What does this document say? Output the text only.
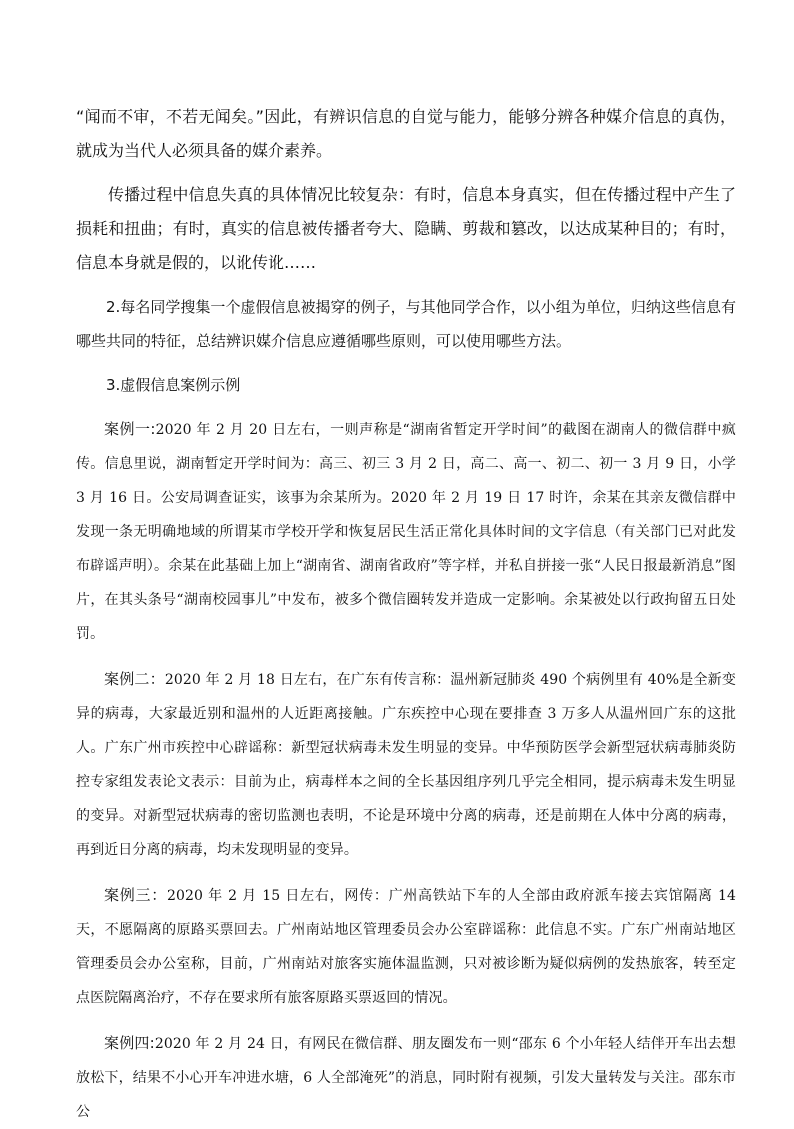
“闻而不审，不若无闻矣。”因此，有辨识信息的自觉与能力，能够分辨各种媒介信息的真伪，就成为当代人必须具备的媒介素养。

传播过程中信息失真的具体情况比较复杂：有时，信息本身真实，但在传播过程中产生了损耗和扭曲；有时，真实的信息被传播者夸大、隐瞒、剪裁和篡改，以达成某种目的；有时，信息本身就是假的，以讹传讹……

2.每名同学搜集一个虚假信息被揭穿的例子，与其他同学合作，以小组为单位，归纳这些信息有哪些共同的特征，总结辨识媒介信息应遵循哪些原则，可以使用哪些方法。

3.虚假信息案例示例

案例一:2020 年 2 月 20 日左右，一则声称是“湖南省暂定开学时间”的截图在湖南人的微信群中疯传。信息里说，湖南暂定开学时间为：高三、初三 3 月 2 日，高二、高一、初二、初一 3 月 9 日，小学 3 月 16 日。公安局调查证实，该事为余某所为。2020 年 2 月 19 日 17 时许，余某在其亲友微信群中发现一条无明确地域的所谓某市学校开学和恢复居民生活正常化具体时间的文字信息（有关部门已对此发布辟谣声明）。余某在此基础上加上“湖南省、湖南省政府”等字样，并私自拼接一张“人民日报最新消息”图片，在其头条号“湖南校园事儿”中发布，被多个微信圈转发并造成一定影响。余某被处以行政拘留五日处罚。

案例二：2020 年 2 月 18 日左右，在广东有传言称：温州新冠肺炎 490 个病例里有 40%是全新变异的病毒，大家最近别和温州的人近距离接触。广东疾控中心现在要排查 3 万多人从温州回广东的这批人。广东广州市疾控中心辟谣称：新型冠状病毒未发生明显的变异。中华预防医学会新型冠状病毒肺炎防控专家组发表论文表示：目前为止，病毒样本之间的全长基因组序列几乎完全相同，提示病毒未发生明显的变异。对新型冠状病毒的密切监测也表明，不论是环境中分离的病毒，还是前期在人体中分离的病毒，再到近日分离的病毒，均未发现明显的变异。

案例三：2020 年 2 月 15 日左右，网传：广州高铁站下车的人全部由政府派车接去宾馆隔离 14 天，不愿隔离的原路买票回去。广州南站地区管理委员会办公室辟谣称：此信息不实。广东广州南站地区管理委员会办公室称，目前，广州南站对旅客实施体温监测，只对被诊断为疑似病例的发热旅客，转至定点医院隔离治疗，不存在要求所有旅客原路买票返回的情况。

案例四:2020 年 2 月 24 日，有网民在微信群、朋友圈发布一则“邵东 6 个小年轻人结伴开车出去想放松下，结果不小心开车冲进水塘，6 人全部淹死”的消息，同时附有视频，引发大量转发与关注。邵东市公
